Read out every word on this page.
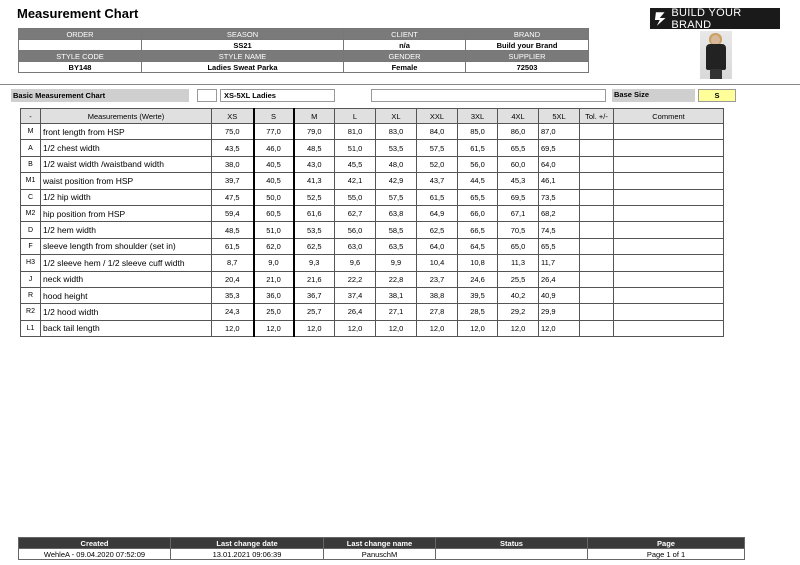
Measurement Chart	BUILD YOUR BRAND
ORDER	SEASON	CLIENT	BRAND
	SS21	n/a	Build your Brand
STYLE CODE	STYLE NAME	GENDER	SUPPLIER
BY148	Ladies Sweat Parka	Female	72503
Basic Measurement Chart	XS-5XL Ladies	Base Size	S
-	Measurements (Werte)	XS	S	M	L	XL	XXL	3XL	4XL	5XL	Tol. +/-	Comment
M	front length from HSP	75,0	77,0	79,0	81,0	83,0	84,0	85,0	86,0	87,0		
A	1/2 chest width	43,5	46,0	48,5	51,0	53,5	57,5	61,5	65,5	69,5		
B	1/2 waist width /waistband width	38,0	40,5	43,0	45,5	48,0	52,0	56,0	60,0	64,0		
M1	waist position from HSP	39,7	40,5	41,3	42,1	42,9	43,7	44,5	45,3	46,1		
C	1/2 hip width	47,5	50,0	52,5	55,0	57,5	61,5	65,5	69,5	73,5		
M2	hip position from HSP	59,4	60,5	61,6	62,7	63,8	64,9	66,0	67,1	68,2		
D	1/2 hem width	48,5	51,0	53,5	56,0	58,5	62,5	66,5	70,5	74,5		
F	sleeve length from shoulder (set in)	61,5	62,0	62,5	63,0	63,5	64,0	64,5	65,0	65,5		
H3	1/2 sleeve hem / 1/2 sleeve cuff width	8,7	9,0	9,3	9,6	9,9	10,4	10,8	11,3	11,7		
J	neck width	20,4	21,0	21,6	22,2	22,8	23,7	24,6	25,5	26,4		
R	hood height	35,3	36,0	36,7	37,4	38,1	38,8	39,5	40,2	40,9		
R2	1/2 hood width	24,3	25,0	25,7	26,4	27,1	27,8	28,5	29,2	29,9		
L1	back tail length	12,0	12,0	12,0	12,0	12,0	12,0	12,0	12,0	12,0		
Created	Last change date	Last change name	Status	Page
WehleA - 09.04.2020 07:52:09	13.01.2021 09:06:39	PanuschM		Page 1 of 1
